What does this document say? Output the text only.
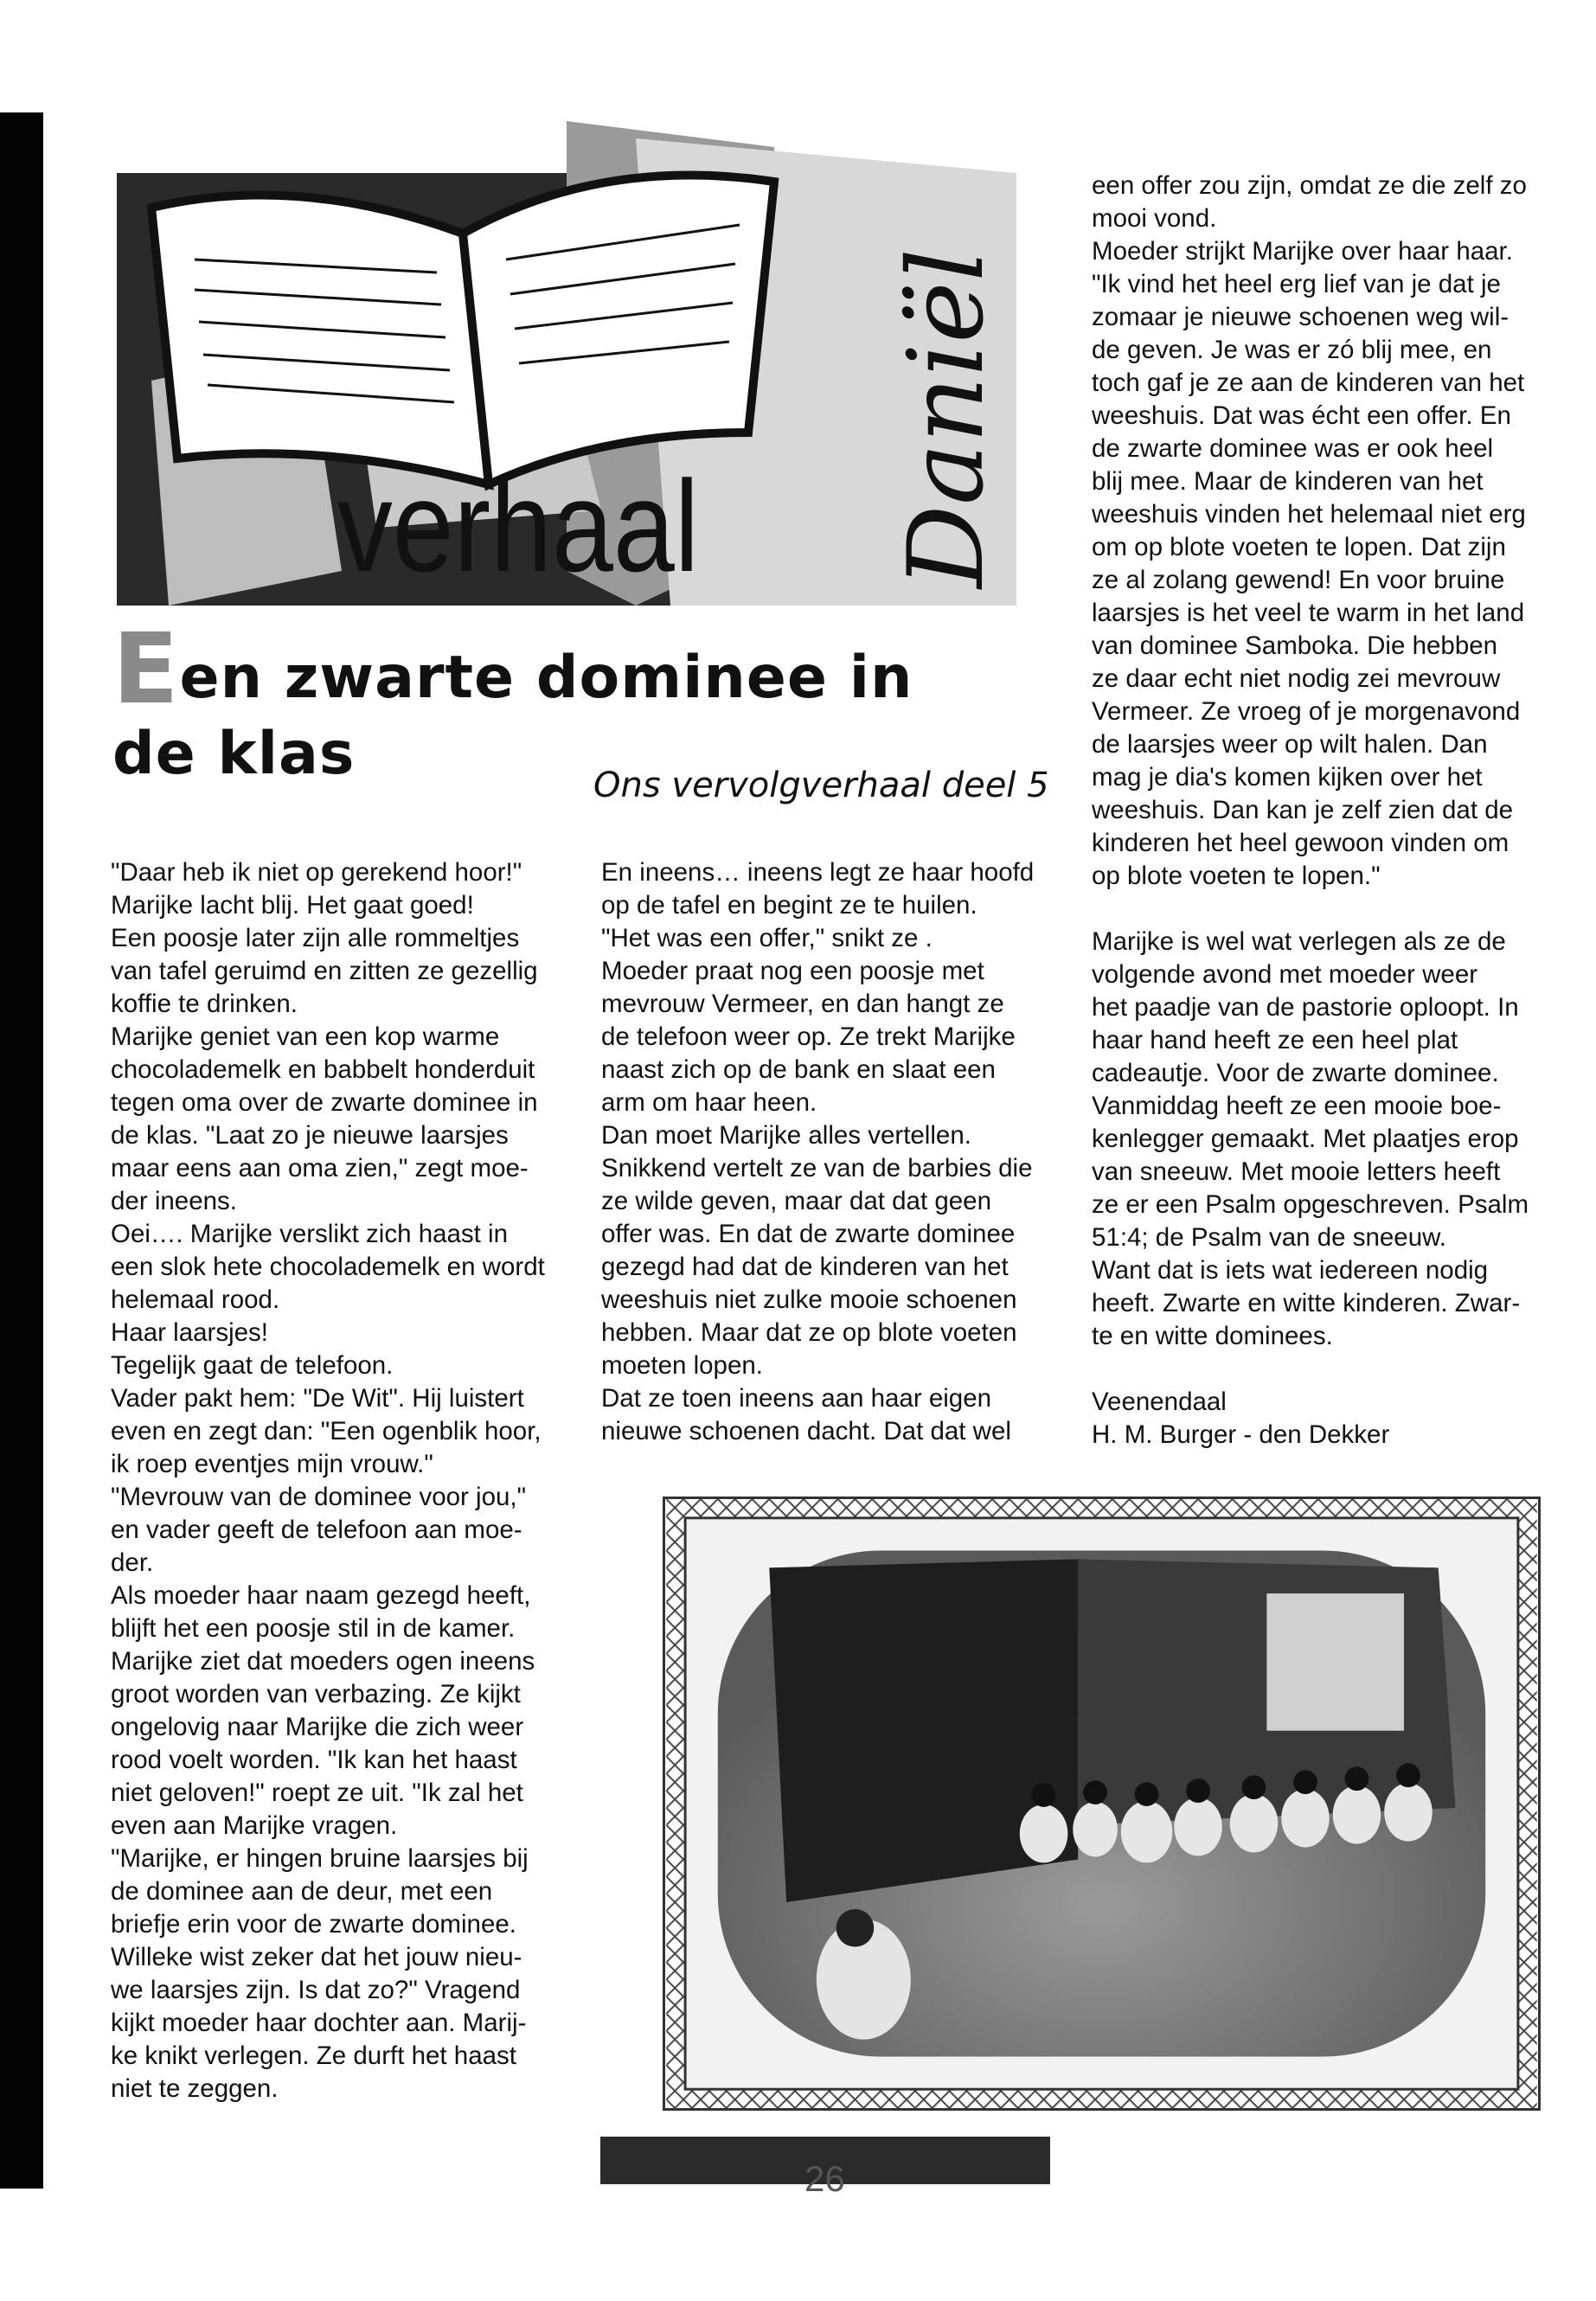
verhaal Daniël
Een zwarte dominee in
de klas	Ons vervolgverhaal deel 5

"Daar heb ik niet op gerekend hoor!"

Marijke lacht blij. Het gaat goed!

Een poosje later zijn alle rommeltjes

van tafel geruimd en zitten ze gezellig

koffie te drinken.

Marijke geniet van een kop warme

chocolademelk en babbelt honderduit

tegen oma over de zwarte dominee in

de klas. "Laat zo je nieuwe laarsjes

maar eens aan oma zien," zegt moe-

der ineens.

Oei…. Marijke verslikt zich haast in

een slok hete chocolademelk en wordt

helemaal rood.

Haar laarsjes!

Tegelijk gaat de telefoon.

Vader pakt hem: "De Wit". Hij luistert

even en zegt dan: "Een ogenblik hoor,

ik roep eventjes mijn vrouw."

"Mevrouw van de dominee voor jou,"

en vader geeft de telefoon aan moe-

der.

Als moeder haar naam gezegd heeft,

blijft het een poosje stil in de kamer.

Marijke ziet dat moeders ogen ineens

groot worden van verbazing. Ze kijkt

ongelovig naar Marijke die zich weer

rood voelt worden. "Ik kan het haast

niet geloven!" roept ze uit. "Ik zal het

even aan Marijke vragen.

"Marijke, er hingen bruine laarsjes bij

de dominee aan de deur, met een

briefje erin voor de zwarte dominee.

Willeke wist zeker dat het jouw nieu-

we laarsjes zijn. Is dat zo?" Vragend

kijkt moeder haar dochter aan. Marij-

ke knikt verlegen. Ze durft het haast

niet te zeggen.

En ineens… ineens legt ze haar hoofd

op de tafel en begint ze te huilen.

"Het was een offer," snikt ze .

Moeder praat nog een poosje met

mevrouw Vermeer, en dan hangt ze

de telefoon weer op. Ze trekt Marijke

naast zich op de bank en slaat een

arm om haar heen.

Dan moet Marijke alles vertellen.

Snikkend vertelt ze van de barbies die

ze wilde geven, maar dat dat geen

offer was. En dat de zwarte dominee

gezegd had dat de kinderen van het

weeshuis niet zulke mooie schoenen

hebben. Maar dat ze op blote voeten

moeten lopen.

Dat ze toen ineens aan haar eigen

nieuwe schoenen dacht. Dat dat wel

een offer zou zijn, omdat ze die zelf zo

mooi vond.

Moeder strijkt Marijke over haar haar.

"Ik vind het heel erg lief van je dat je

zomaar je nieuwe schoenen weg wil-

de geven. Je was er zó blij mee, en

toch gaf je ze aan de kinderen van het

weeshuis. Dat was écht een offer. En

de zwarte dominee was er ook heel

blij mee. Maar de kinderen van het

weeshuis vinden het helemaal niet erg

om op blote voeten te lopen. Dat zijn

ze al zolang gewend! En voor bruine

laarsjes is het veel te warm in het land

van dominee Samboka. Die hebben

ze daar echt niet nodig zei mevrouw

Vermeer. Ze vroeg of je morgenavond

de laarsjes weer op wilt halen. Dan

mag je dia's komen kijken over het

weeshuis. Dan kan je zelf zien dat de

kinderen het heel gewoon vinden om

op blote voeten te lopen."

Marijke is wel wat verlegen als ze de

volgende avond met moeder weer

het paadje van de pastorie oploopt. In

haar hand heeft ze een heel plat

cadeautje. Voor de zwarte dominee.

Vanmiddag heeft ze een mooie boe-

kenlegger gemaakt. Met plaatjes erop

van sneeuw. Met mooie letters heeft

ze er een Psalm opgeschreven. Psalm

51:4; de Psalm van de sneeuw.

Want dat is iets wat iedereen nodig

heeft. Zwarte en witte kinderen. Zwar-

te en witte dominees.

Veenendaal

H. M. Burger - den Dekker

26
